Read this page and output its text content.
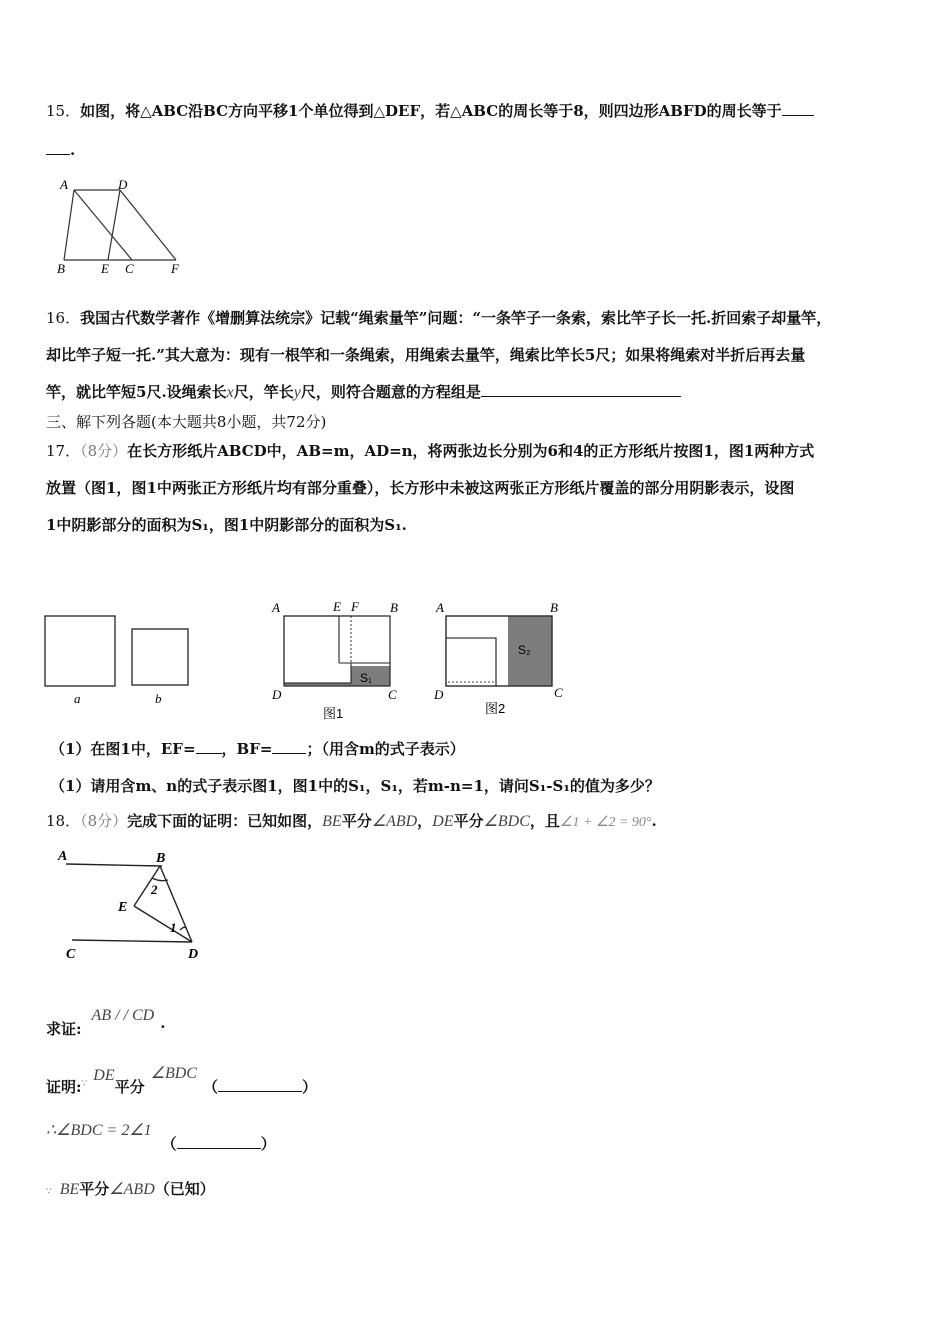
15．如图，将△ABC沿BC方向平移1个单位得到△DEF，若△ABC的周长等于8，则四边形ABFD的周长等于
.
A	D
B	E C	F
16．我国古代数学著作《增删算法统宗》记载“绳索量竿”问题：“一条竿子一条索，索比竿子长一托.折回索子却量竿，
却比竿子短一托.”其大意为：现有一根竿和一条绳索，用绳索去量竿，绳索比竿长5尺；如果将绳索对半折后再去量
竿，就比竿短5尺.设绳索长x尺，竿长y尺，则符合题意的方程组是
三、解下列各题(本大题共8小题，共72分)
17．（8分）在长方形纸片ABCD中，AB=m，AD=n，将两张边长分别为6和4的正方形纸片按图1，图1两种方式
放置（图1，图1中两张正方形纸片均有部分重叠），长方形中未被这两张正方形纸片覆盖的部分用阴影表示，设图
1中阴影部分的面积为S₁，图1中阴影部分的面积为S₁.
a	b
A	E F B
D	C
S₁
图1
A	B
D	C
S₂
图2
（1）在图1中，EF= ，BF= ；（用含m的式子表示）
（1）请用含m、n的式子表示图1，图1中的S₁，S₁，若m-n=1，请问S₁-S₁的值为多少？
18．（8分）完成下面的证明：已知如图，BE平分∠ABD，DE平分∠BDC，且∠1 + ∠2 = 90°.
A	B
E
C	D
1
2
求证:AB / / CD .
证明:∵ DE平分∠BDC（	）
∴∠BDC = 2∠1（	）
∵ BE平分∠ABD（已知）
